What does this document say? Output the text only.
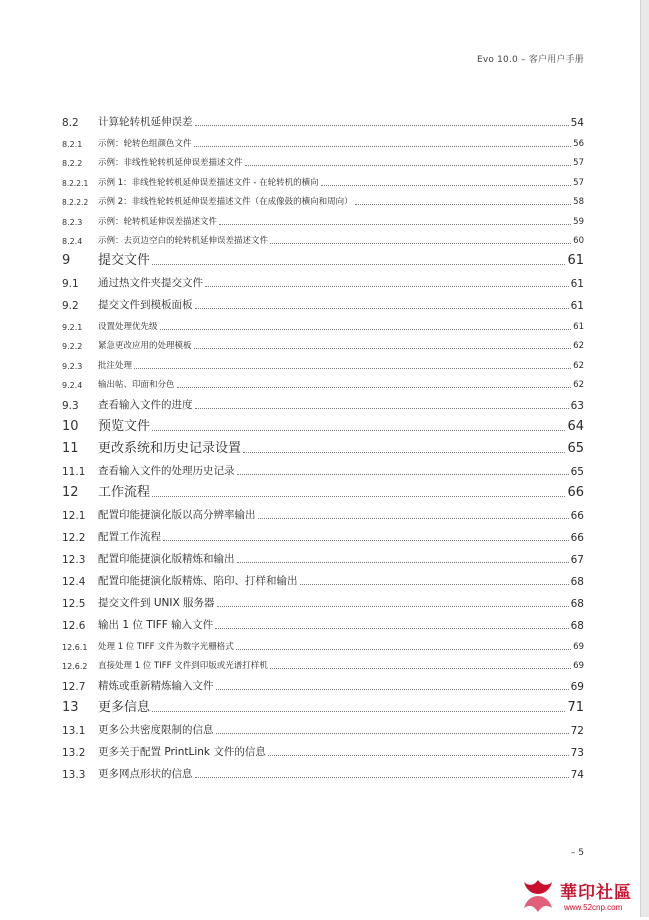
Evo 10.0 – 客户用户手册
8.2	计算轮转机延伸误差	54
8.2.1	示例：轮转色组颜色文件	56
8.2.2	示例：非线性轮转机延伸误差描述文件	57
8.2.2.1	示例 1：非线性轮转机延伸误差描述文件 - 在轮转机的横向	57
8.2.2.2	示例 2：非线性轮转机延伸误差描述文件（在成像鼓的横向和周向）	58
8.2.3	示例：轮转机延伸误差描述文件	59
8.2.4	示例：去页边空白的轮转机延伸误差描述文件	60
9	提交文件	61
9.1	通过热文件夹提交文件	61
9.2	提交文件到模板面板	61
9.2.1	设置处理优先级	61
9.2.2	紧急更改应用的处理模板	62
9.2.3	批注处理	62
9.2.4	输出帖、印面和分色	62
9.3	查看输入文件的进度	63
10	预览文件	64
11	更改系统和历史记录设置	65
11.1	查看输入文件的处理历史记录	65
12	工作流程	66
12.1	配置印能捷演化版以高分辨率输出	66
12.2	配置工作流程	66
12.3	配置印能捷演化版精炼和输出	67
12.4	配置印能捷演化版精炼、陷印、打样和输出	68
12.5	提交文件到 UNIX 服务器	68
12.6	输出 1 位 TIFF 输入文件	68
12.6.1	处理 1 位 TIFF 文件为数字光栅格式	69
12.6.2	直接处理 1 位 TIFF 文件到印版或光谱打样机	69
12.7	精炼或重新精炼输入文件	69
13	更多信息	71
13.1	更多公共密度限制的信息	72
13.2	更多关于配置 PrintLink 文件的信息	73
13.3	更多网点形状的信息	74
– 5
華印社區
www.52cnp.com
